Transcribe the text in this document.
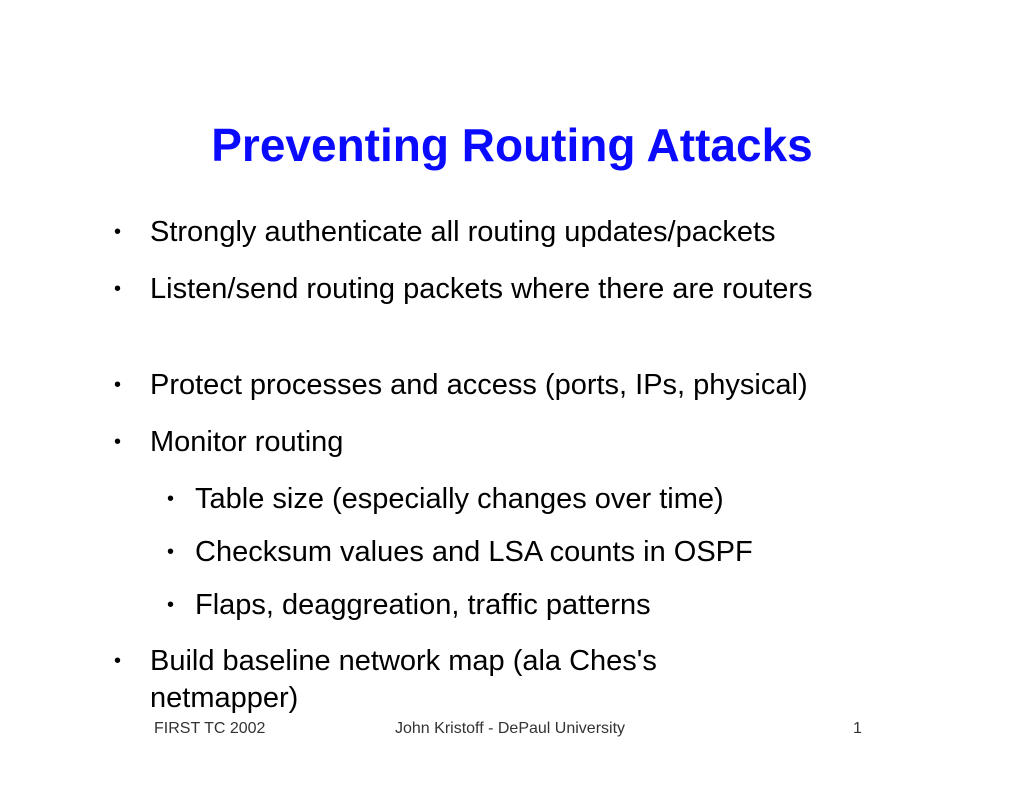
Preventing Routing Attacks
• Strongly authenticate all routing updates/packets
• Listen/send routing packets where there are routers
• Protect processes and access (ports, IPs, physical)
• Monitor routing
• Table size (especially changes over time)
• Checksum values and LSA counts in OSPF
• Flaps, deaggreation, traffic patterns
• Build baseline network map (ala Ches's netmapper)
FIRST TC 2002	John Kristoff - DePaul University	1
